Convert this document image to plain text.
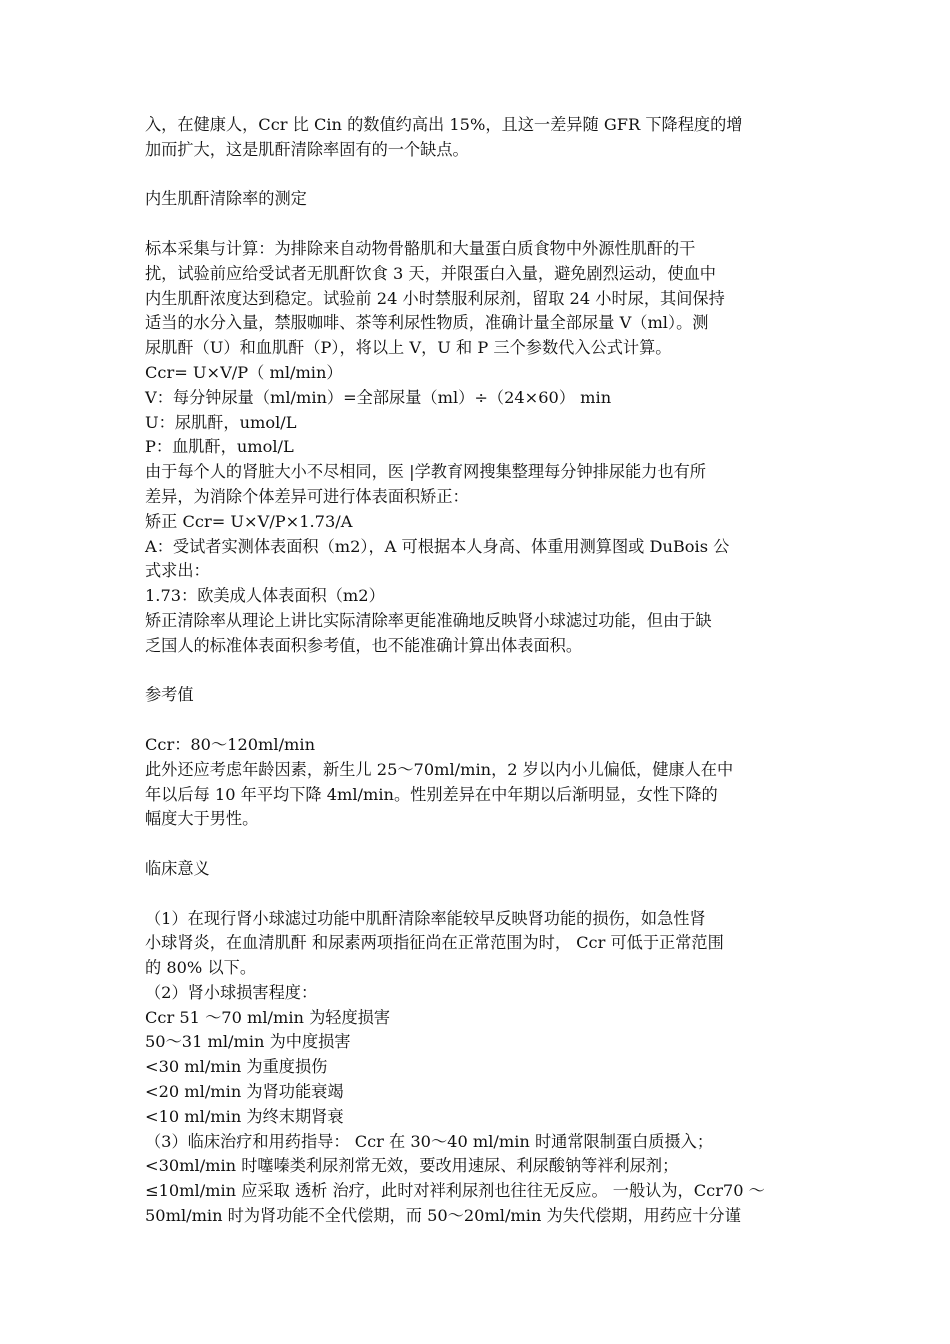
入，在健康人，Ccr 比 Cin 的数值约高出 15%，且这一差异随 GFR 下降程度的增
加而扩大，这是肌酐清除率固有的一个缺点。
内生肌酐清除率的测定
标本采集与计算：为排除来自动物骨骼肌和大量蛋白质食物中外源性肌酐的干
扰，试验前应给受试者无肌酐饮食 3 天，并限蛋白入量，避免剧烈运动，使血中
内生肌酐浓度达到稳定。试验前 24 小时禁服利尿剂，留取 24 小时尿，其间保持
适当的水分入量，禁服咖啡、茶等利尿性物质，准确计量全部尿量 V（ml）。测
尿肌酐（U）和血肌酐（P），将以上 V，U 和 P 三个参数代入公式计算。
Ccr= U×V/P（ ml/min）
V：每分钟尿量（ml/min）=全部尿量（ml）÷（24×60） min
U：尿肌酐，umol/L
P：血肌酐，umol/L
由于每个人的肾脏大小不尽相同，医 |学教育网搜集整理每分钟排尿能力也有所
差异，为消除个体差异可进行体表面积矫正：
矫正 Ccr= U×V/P×1.73/A
A：受试者实测体表面积（m2），A 可根据本人身高、体重用测算图或 DuBois 公
式求出：
1.73：欧美成人体表面积（m2）
矫正清除率从理论上讲比实际清除率更能准确地反映肾小球滤过功能，但由于缺
乏国人的标准体表面积参考值，也不能准确计算出体表面积。
参考值
Ccr：80～120ml/min
此外还应考虑年龄因素，新生儿 25～70ml/min，2 岁以内小儿偏低，健康人在中
年以后每 10 年平均下降 4ml/min。性别差异在中年期以后渐明显，女性下降的
幅度大于男性。
临床意义
（1）在现行肾小球滤过功能中肌酐清除率能较早反映肾功能的损伤，如急性肾
小球肾炎，在血清肌酐 和尿素两项指征尚在正常范围为时， Ccr 可低于正常范围
的 80% 以下。
（2）肾小球损害程度：
Ccr 51 ～70 ml/min 为轻度损害
50～31 ml/min 为中度损害
<30 ml/min 为重度损伤
<20 ml/min 为肾功能衰竭
<10 ml/min 为终末期肾衰
（3）临床治疗和用药指导： Ccr 在 30～40 ml/min 时通常限制蛋白质摄入；
<30ml/min 时噻嗪类利尿剂常无效，要改用速尿、利尿酸钠等袢利尿剂；
≤10ml/min 应采取 透析 治疗，此时对袢利尿剂也往往无反应。 一般认为，Ccr70 ～
50ml/min 时为肾功能不全代偿期，而 50～20ml/min 为失代偿期，用药应十分谨
